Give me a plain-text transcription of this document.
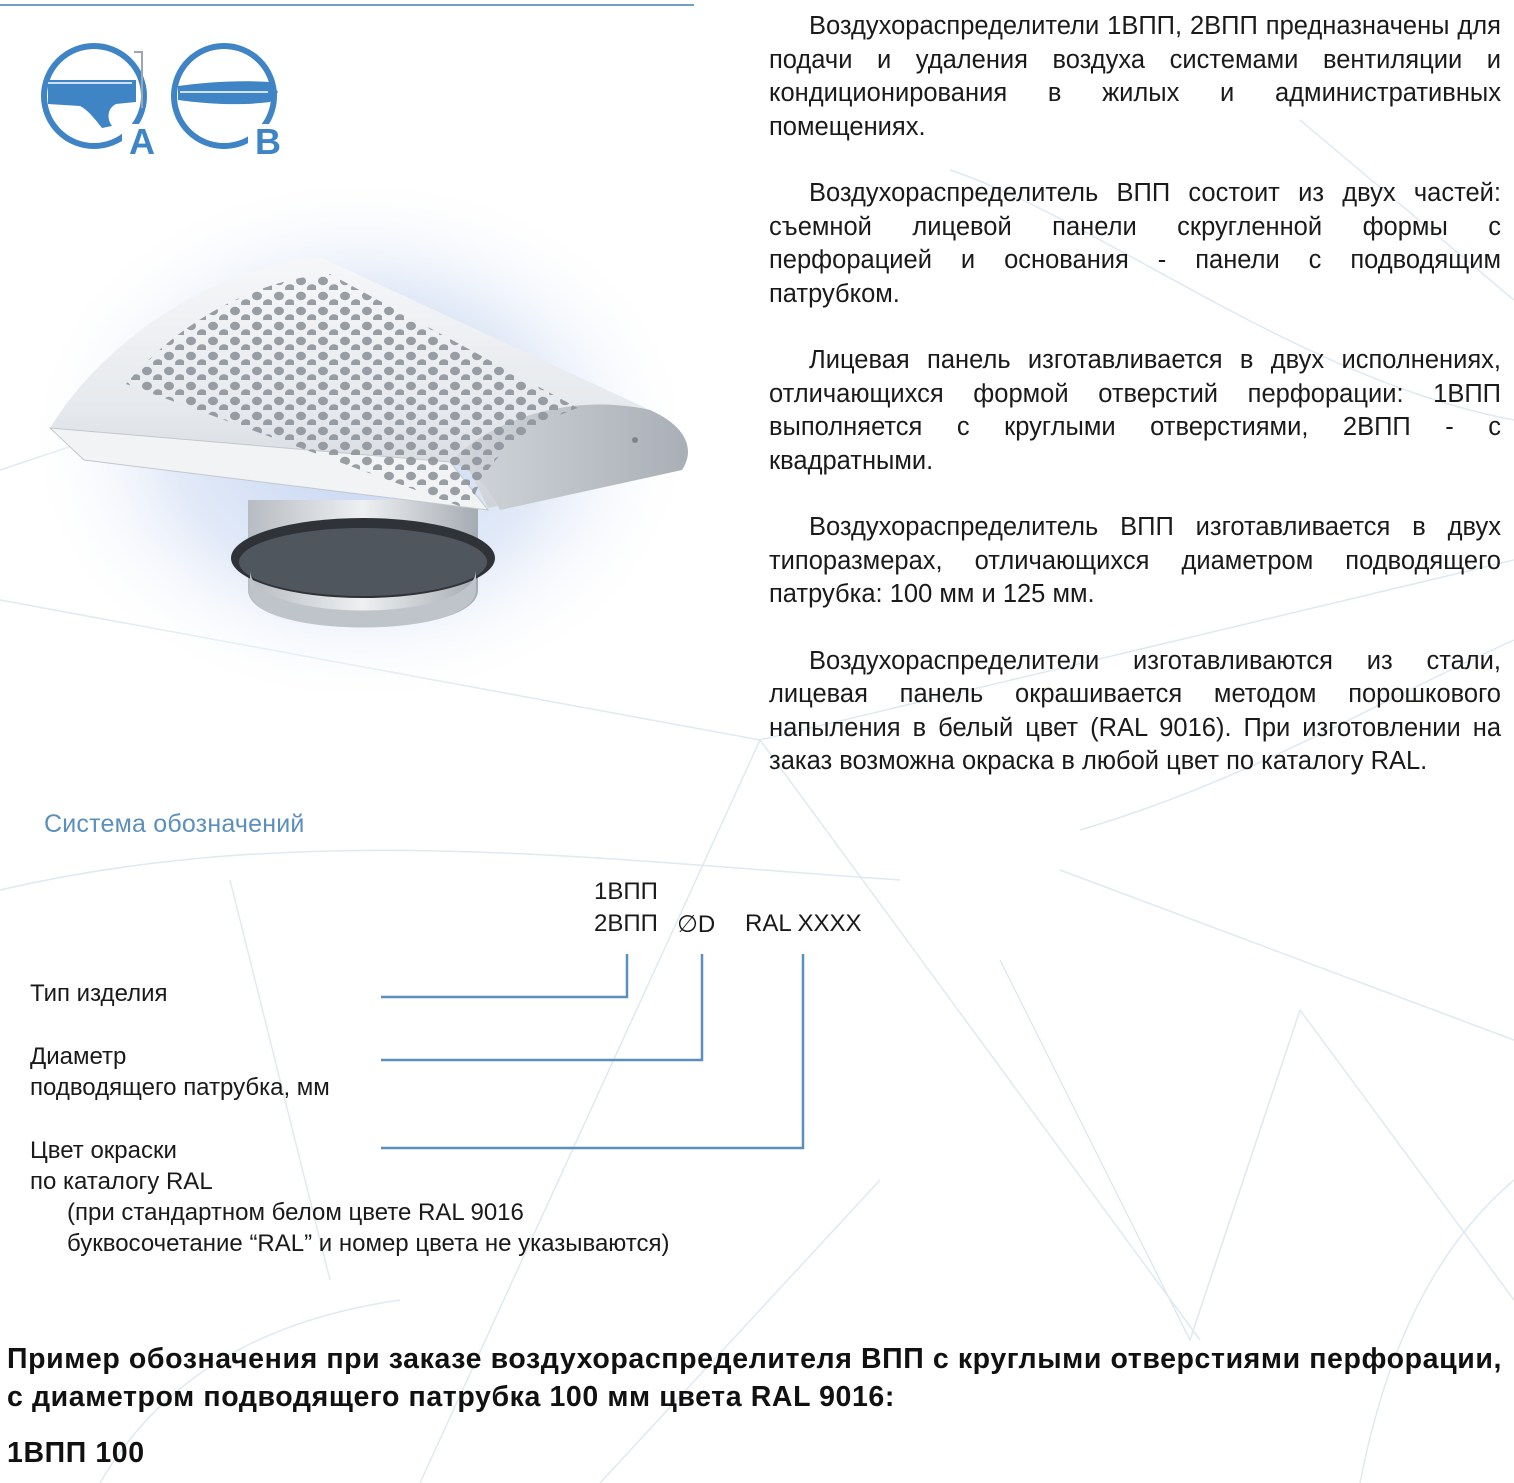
A	B

Воздухораспределители 1ВПП, 2ВПП предназначены для подачи и удаления воздуха системами вентиляции и кондиционирования в жилых и административных помещениях.

Воздухораспределитель ВПП состоит из двух частей: съемной лицевой панели скругленной формы с перфорацией и основания - панели с подводящим патрубком.

Лицевая панель изготавливается в двух исполнениях, отличающихся формой отверстий перфорации: 1ВПП выполняется с круглыми отверстиями, 2ВПП - с квадратными.

Воздухораспределитель ВПП изготавливается в двух типоразмерах, отличающихся диаметром подводящего патрубка: 100 мм и 125 мм.

Воздухораспределители изготавливаются из стали, лицевая панель окрашивается методом порошкового напыления в белый цвет (RAL 9016). При изготовлении на заказ возможна окраска в любой цвет по каталогу RAL.

Система обозначений
1ВПП
2ВПП ∅D RAL XXXX
Тип изделия
Диаметр
подводящего патрубка, мм
Цвет окраски
по каталогу RAL
(при стандартном белом цвете RAL 9016
буквосочетание “RAL” и номер цвета не указываются)
Пример обозначения при заказе воздухораспределителя ВПП с круглыми отверстиями перфорации, с диаметром подводящего патрубка 100 мм цвета RAL 9016:
1ВПП 100
